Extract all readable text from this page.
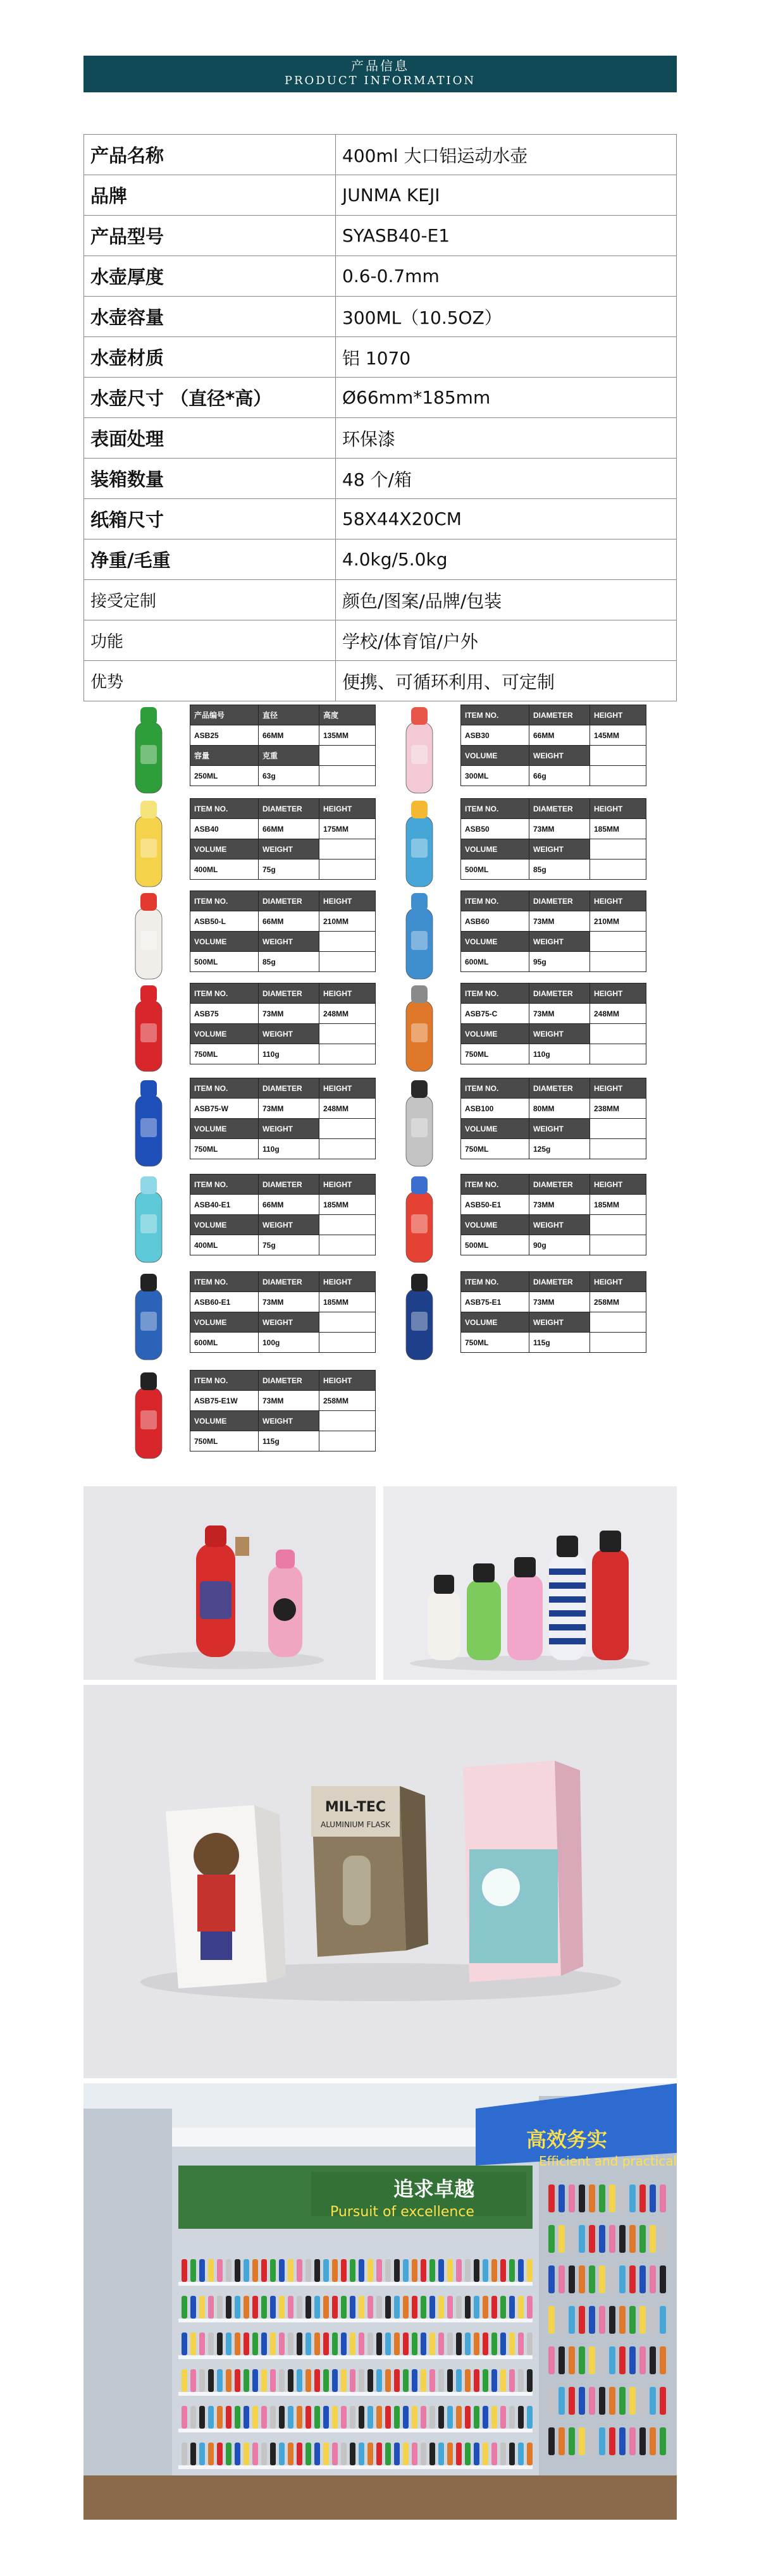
产品信息
PRODUCT INFORMATION
产品名称	400ml 大口铝运动水壶
品牌	JUNMA KEJI
产品型号	SYASB40-E1
水壶厚度	0.6-0.7mm
水壶容量	300ML（10.5OZ）
水壶材质	铝 1070
水壶尺寸 （直径*高）	Ø66mm*185mm
表面处理	环保漆
装箱数量	48 个/箱
纸箱尺寸	58X44X20CM
净重/毛重	4.0kg/5.0kg
接受定制	颜色/图案/品牌/包装
功能	学校/体育馆/户外
优势	便携、可循环利用、可定制
产品编号	直径	高度
ASB25	66MM	135MM
容量	克重	
250ML	63g	
ITEM NO.	DIAMETER	HEIGHT
ASB30	66MM	145MM
VOLUME	WEIGHT	
300ML	66g	
ITEM NO.	DIAMETER	HEIGHT
ASB40	66MM	175MM
VOLUME	WEIGHT	
400ML	75g	
ITEM NO.	DIAMETER	HEIGHT
ASB50	73MM	185MM
VOLUME	WEIGHT	
500ML	85g	
ITEM NO.	DIAMETER	HEIGHT
ASB50-L	66MM	210MM
VOLUME	WEIGHT	
500ML	85g	
ITEM NO.	DIAMETER	HEIGHT
ASB60	73MM	210MM
VOLUME	WEIGHT	
600ML	95g	
ITEM NO.	DIAMETER	HEIGHT
ASB75	73MM	248MM
VOLUME	WEIGHT	
750ML	110g	
ITEM NO.	DIAMETER	HEIGHT
ASB75-C	73MM	248MM
VOLUME	WEIGHT	
750ML	110g	
ITEM NO.	DIAMETER	HEIGHT
ASB75-W	73MM	248MM
VOLUME	WEIGHT	
750ML	110g	
ITEM NO.	DIAMETER	HEIGHT
ASB100	80MM	238MM
VOLUME	WEIGHT	
750ML	125g	
ITEM NO.	DIAMETER	HEIGHT
ASB40-E1	66MM	185MM
VOLUME	WEIGHT	
400ML	75g	
ITEM NO.	DIAMETER	HEIGHT
ASB50-E1	73MM	185MM
VOLUME	WEIGHT	
500ML	90g	
ITEM NO.	DIAMETER	HEIGHT
ASB60-E1	73MM	185MM
VOLUME	WEIGHT	
600ML	100g	
ITEM NO.	DIAMETER	HEIGHT
ASB75-E1	73MM	258MM
VOLUME	WEIGHT	
750ML	115g	
ITEM NO.	DIAMETER	HEIGHT
ASB75-E1W	73MM	258MM
VOLUME	WEIGHT	
750ML	115g	
MIL-TEC
ALUMINIUM FLASK
追求卓越
Pursuit of excellence
高效务实
Efficient and practical
